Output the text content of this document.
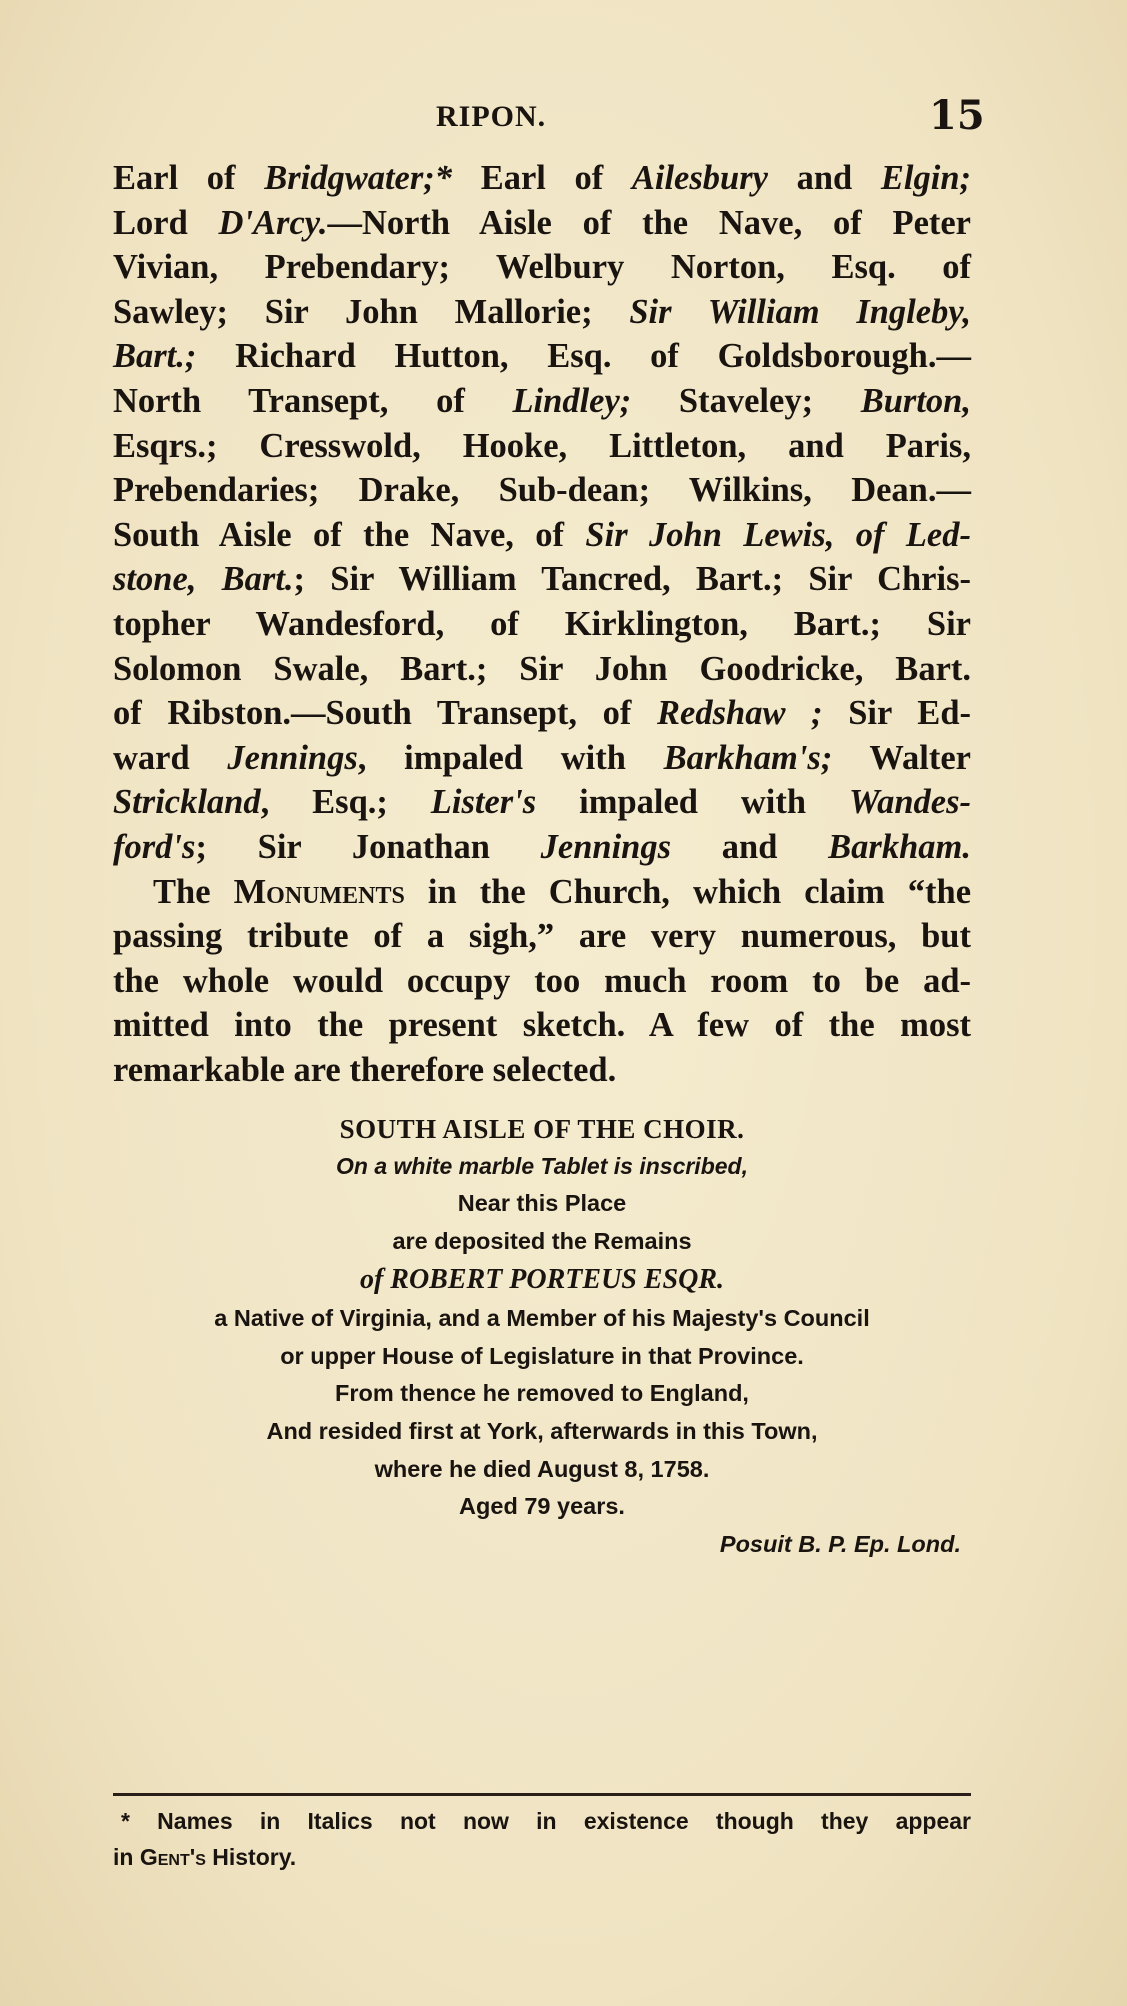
RIPON.	15
Earl of Bridgwater;* Earl of Ailesbury and Elgin;
Lord D'Arcy.—North Aisle of the Nave, of Peter
Vivian, Prebendary; Welbury Norton, Esq. of
Sawley; Sir John Mallorie; Sir William Ingleby,
Bart.; Richard Hutton, Esq. of Goldsborough.—
North Transept, of Lindley; Staveley; Burton,
Esqrs.; Cresswold, Hooke, Littleton, and Paris,
Prebendaries; Drake, Sub-dean; Wilkins, Dean.—
South Aisle of the Nave, of Sir John Lewis, of Led-
stone, Bart.; Sir William Tancred, Bart.; Sir Chris-
topher Wandesford, of Kirklington, Bart.; Sir
Solomon Swale, Bart.; Sir John Goodricke, Bart.
of Ribston.—South Transept, of Redshaw ; Sir Ed-
ward Jennings, impaled with Barkham's; Walter
Strickland, Esq.; Lister's impaled with Wandes-
ford's; Sir Jonathan Jennings and Barkham.
The Monuments in the Church, which claim “the
passing tribute of a sigh,” are very numerous, but
the whole would occupy too much room to be ad-
mitted into the present sketch. A few of the most
remarkable are therefore selected.
SOUTH AISLE OF THE CHOIR.
On a white marble Tablet is inscribed,
Near this Place
are deposited the Remains
of ROBERT PORTEUS ESQR.
a Native of Virginia, and a Member of his Majesty's Council
or upper House of Legislature in that Province.
From thence he removed to England,
And resided first at York, afterwards in this Town,
where he died August 8, 1758.
Aged 79 years.
Posuit B. P. Ep. Lond.
* Names in Italics not now in existence though they appear
in Gent's History.
